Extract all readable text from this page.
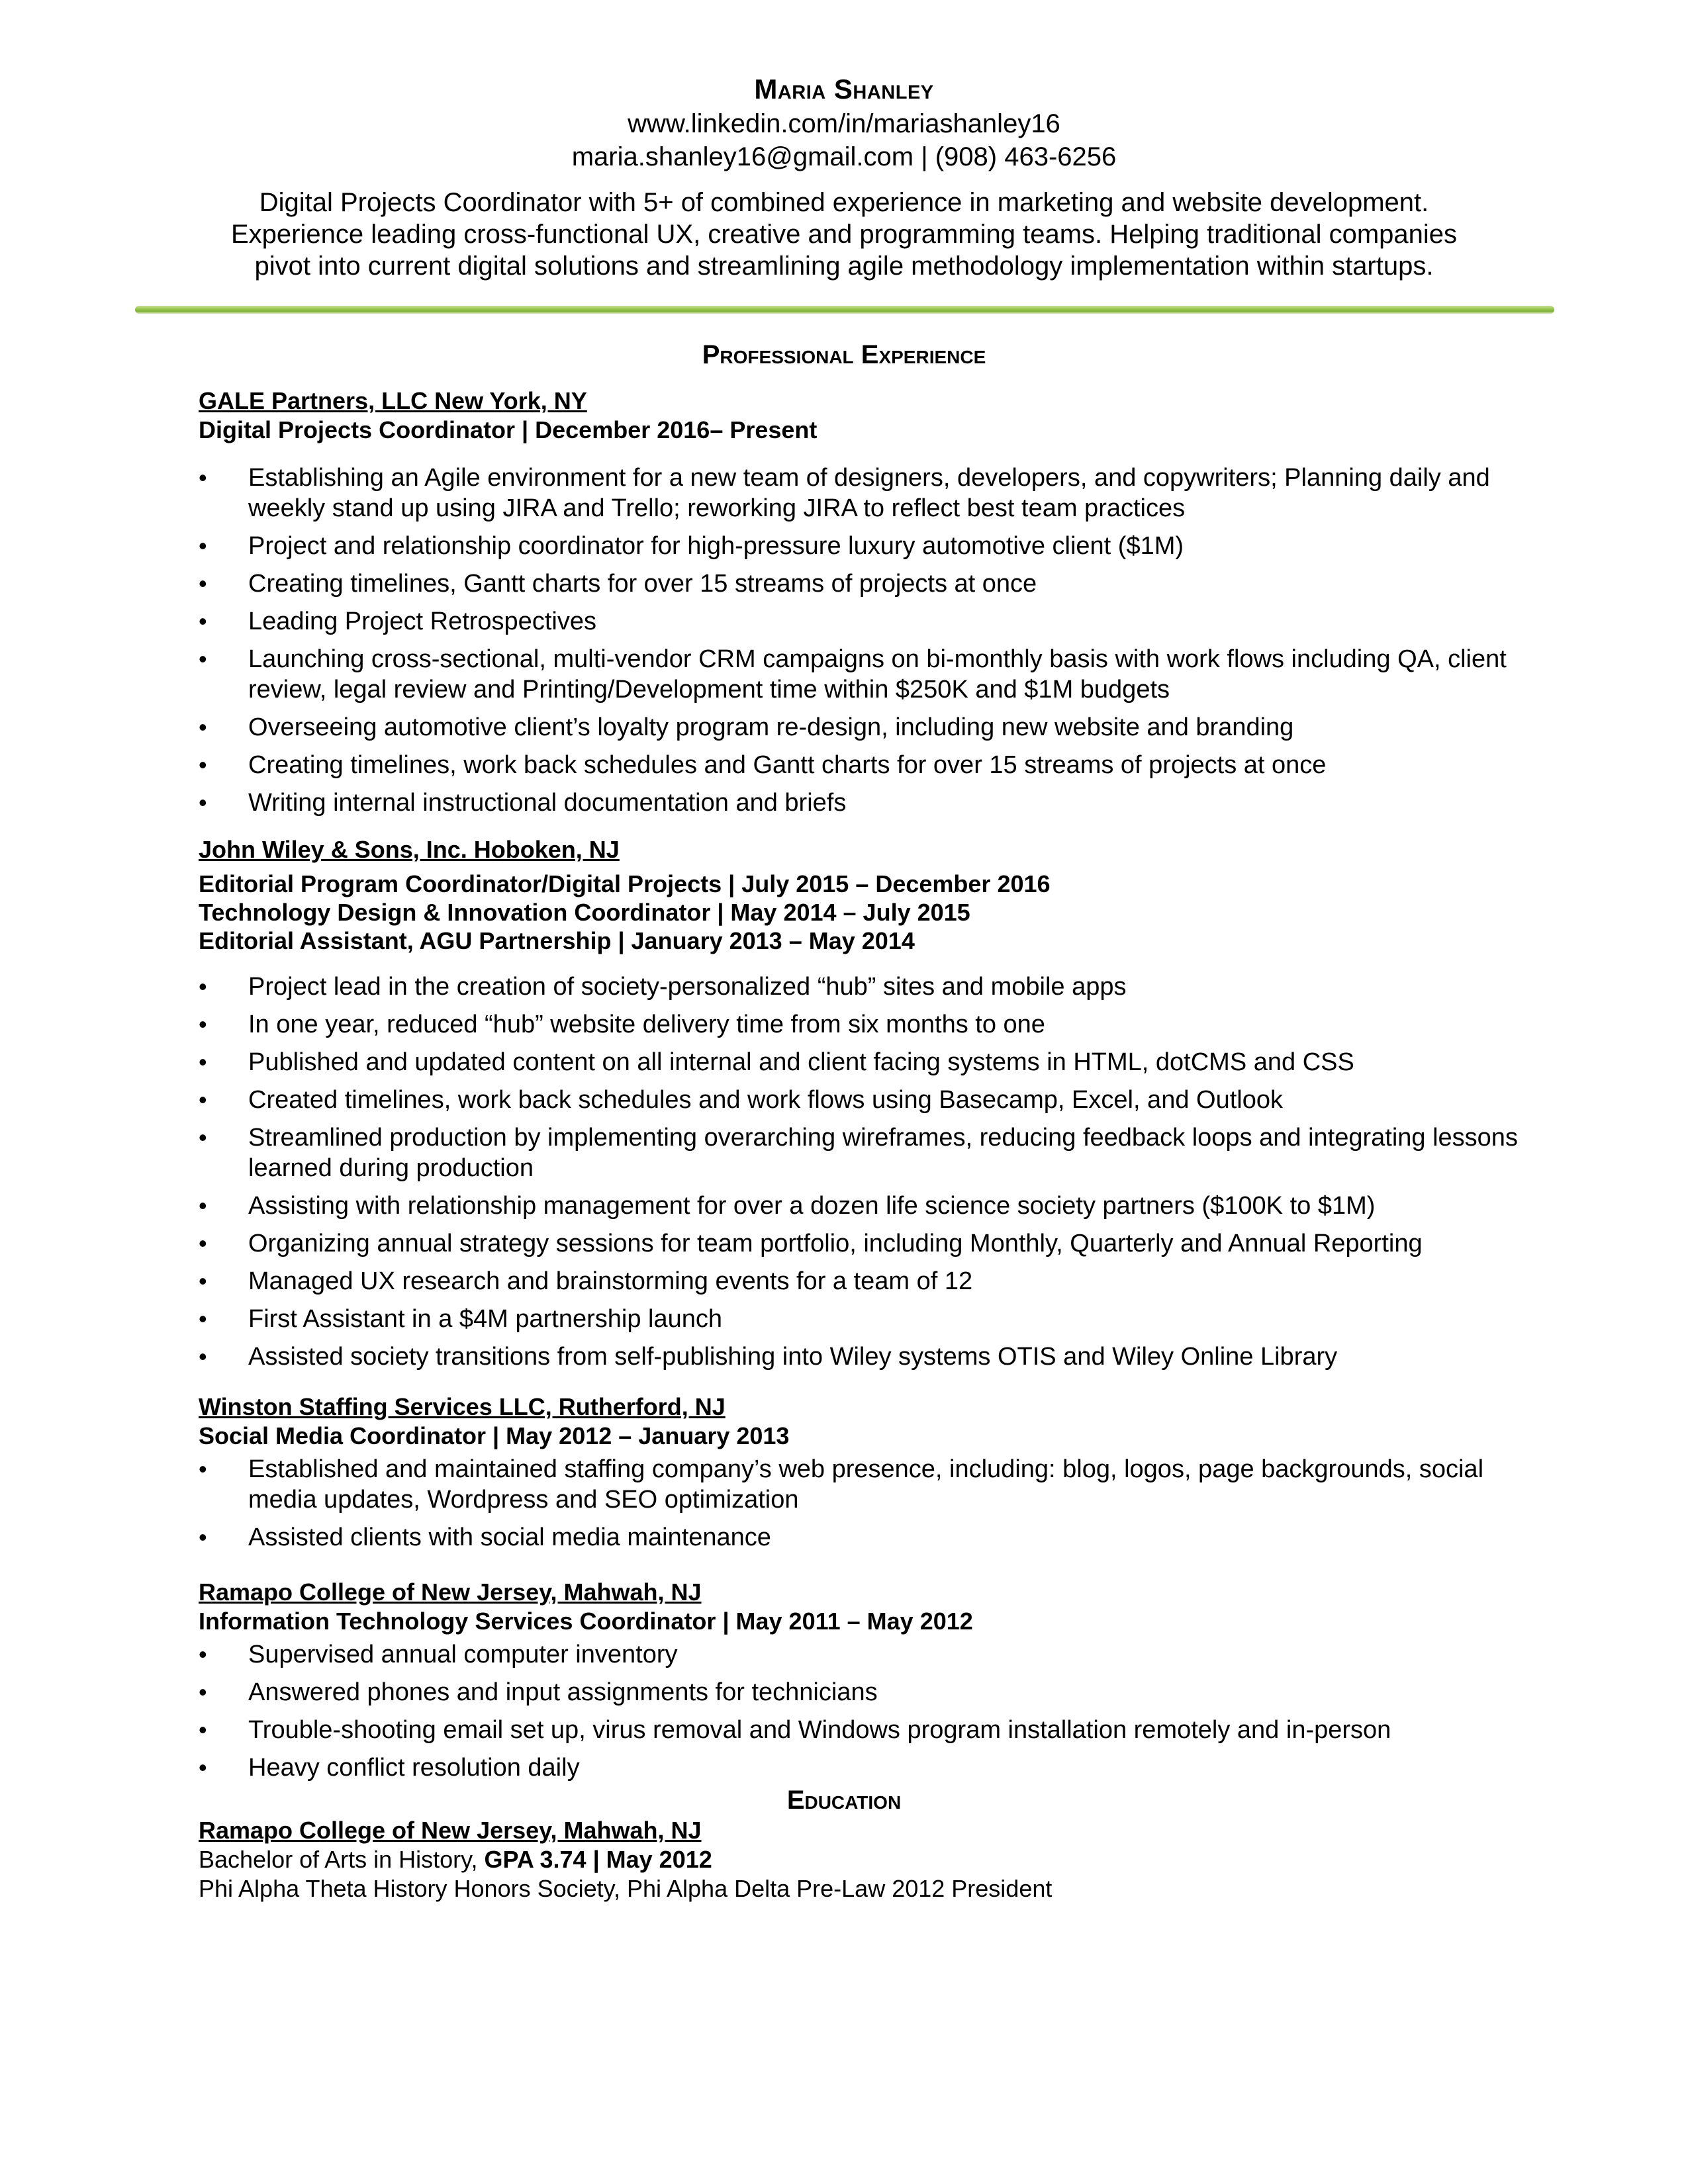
Maria Shanley
www.linkedin.com/in/mariashanley16
maria.shanley16@gmail.com | (908) 463-6256
Digital Projects Coordinator with 5+ of combined experience in marketing and website development.
Experience leading cross-functional UX, creative and programming teams. Helping traditional companies
pivot into current digital solutions and streamlining agile methodology implementation within startups.
Professional Experience
GALE Partners, LLC New York, NY
Digital Projects Coordinator | December 2016– Present
• Establishing an Agile environment for a new team of designers, developers, and copywriters; Planning daily and weekly stand up using JIRA and Trello; reworking JIRA to reflect best team practices
• Project and relationship coordinator for high-pressure luxury automotive client ($1M)
• Creating timelines, Gantt charts for over 15 streams of projects at once
• Leading Project Retrospectives
• Launching cross-sectional, multi-vendor CRM campaigns on bi-monthly basis with work flows including QA, client review, legal review and Printing/Development time within $250K and $1M budgets
• Overseeing automotive client’s loyalty program re-design, including new website and branding
• Creating timelines, work back schedules and Gantt charts for over 15 streams of projects at once
• Writing internal instructional documentation and briefs
John Wiley & Sons, Inc. Hoboken, NJ
Editorial Program Coordinator/Digital Projects | July 2015 – December 2016
Technology Design & Innovation Coordinator | May 2014 – July 2015
Editorial Assistant, AGU Partnership | January 2013 – May 2014
• Project lead in the creation of society-personalized “hub” sites and mobile apps
• In one year, reduced “hub” website delivery time from six months to one
• Published and updated content on all internal and client facing systems in HTML, dotCMS and CSS
• Created timelines, work back schedules and work flows using Basecamp, Excel, and Outlook
• Streamlined production by implementing overarching wireframes, reducing feedback loops and integrating lessons learned during production
• Assisting with relationship management for over a dozen life science society partners ($100K to $1M)
• Organizing annual strategy sessions for team portfolio, including Monthly, Quarterly and Annual Reporting
• Managed UX research and brainstorming events for a team of 12
• First Assistant in a $4M partnership launch
• Assisted society transitions from self-publishing into Wiley systems OTIS and Wiley Online Library
Winston Staffing Services LLC, Rutherford, NJ
Social Media Coordinator | May 2012 – January 2013
• Established and maintained staffing company’s web presence, including: blog, logos, page backgrounds, social media updates, Wordpress and SEO optimization
• Assisted clients with social media maintenance
Ramapo College of New Jersey, Mahwah, NJ
Information Technology Services Coordinator | May 2011 – May 2012
• Supervised annual computer inventory
• Answered phones and input assignments for technicians
• Trouble-shooting email set up, virus removal and Windows program installation remotely and in-person
• Heavy conflict resolution daily
Education
Ramapo College of New Jersey, Mahwah, NJ
Bachelor of Arts in History, GPA 3.74 | May 2012
Phi Alpha Theta History Honors Society, Phi Alpha Delta Pre-Law 2012 President
